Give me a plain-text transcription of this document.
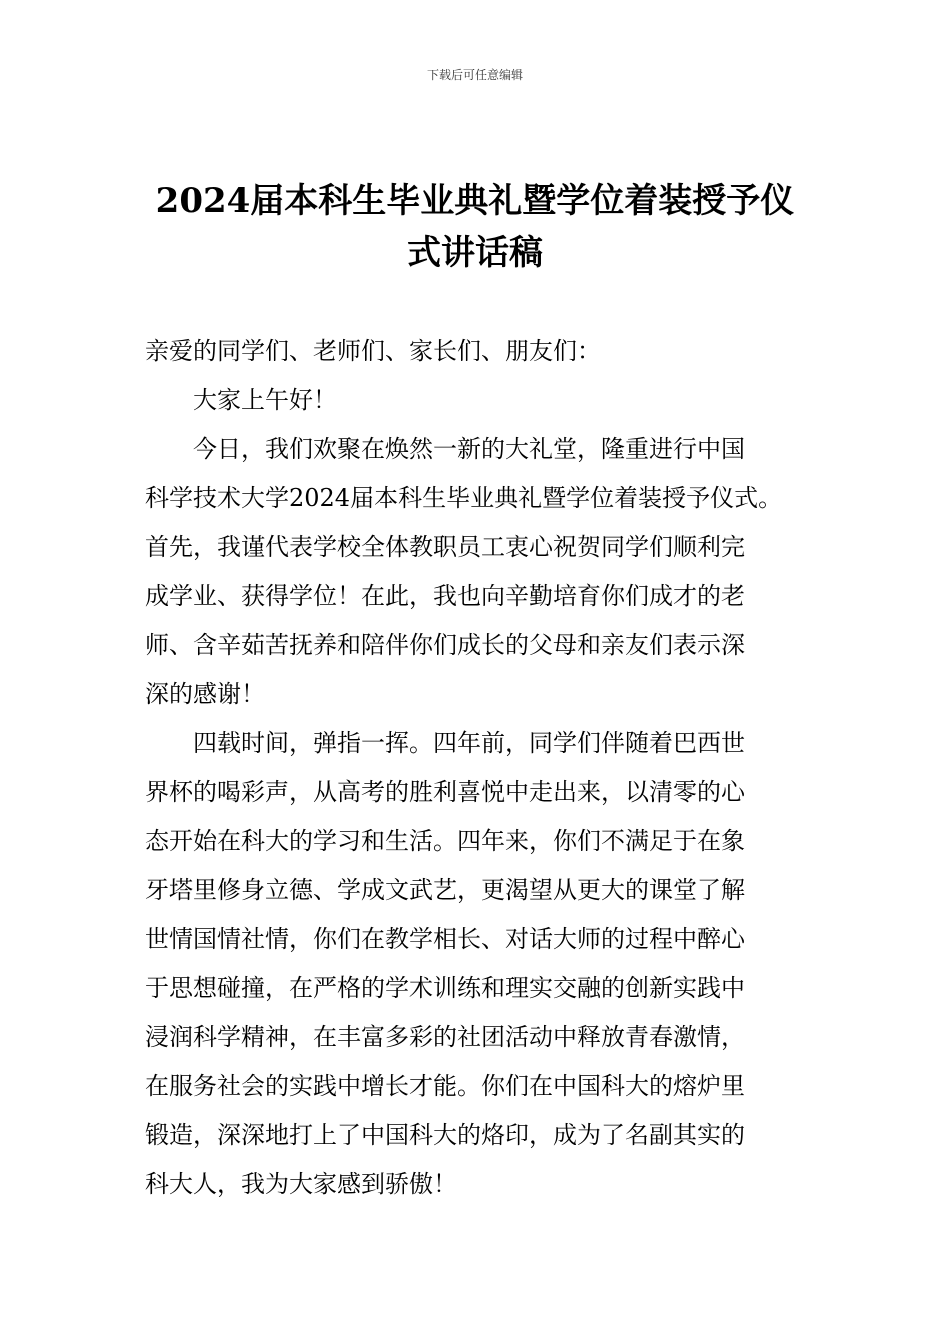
下载后可任意编辑
2024届本科生毕业典礼暨学位着装授予仪
式讲话稿

亲爱的同学们、老师们、家长们、朋友们：

大家上午好！

今日，我们欢聚在焕然一新的大礼堂，隆重进行中国
科学技术大学2024届本科生毕业典礼暨学位着装授予仪式。
首先，我谨代表学校全体教职员工衷心祝贺同学们顺利完
成学业、获得学位！在此，我也向辛勤培育你们成才的老
师、含辛茹苦抚养和陪伴你们成长的父母和亲友们表示深
深的感谢！
四载时间，弹指一挥。四年前，同学们伴随着巴西世
界杯的喝彩声，从高考的胜利喜悦中走出来，以清零的心
态开始在科大的学习和生活。四年来，你们不满足于在象
牙塔里修身立德、学成文武艺，更渴望从更大的课堂了解
世情国情社情，你们在教学相长、对话大师的过程中醉心
于思想碰撞，在严格的学术训练和理实交融的创新实践中
浸润科学精神，在丰富多彩的社团活动中释放青春激情，
在服务社会的实践中增长才能。你们在中国科大的熔炉里
锻造，深深地打上了中国科大的烙印，成为了名副其实的
科大人，我为大家感到骄傲！
